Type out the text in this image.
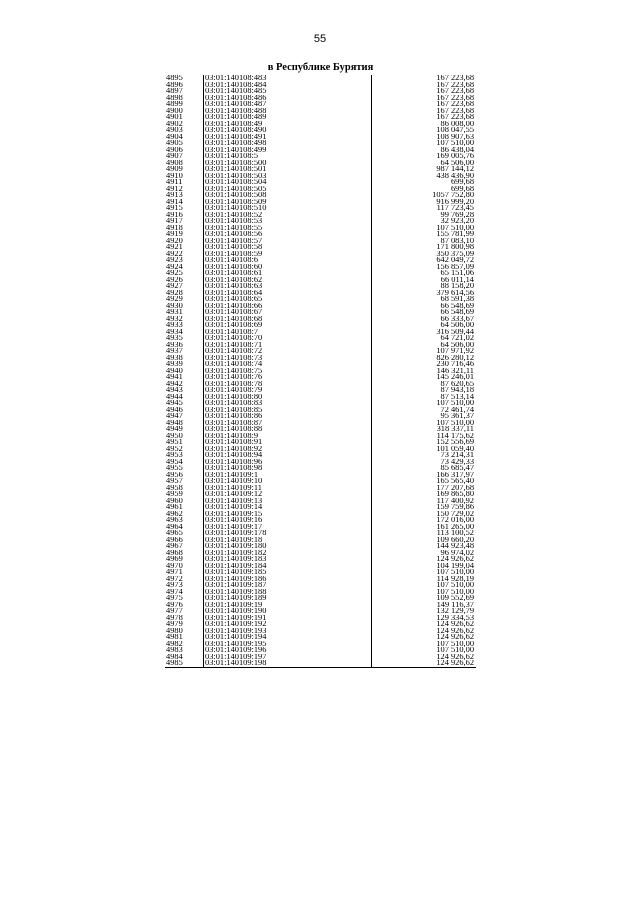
55
в Республике Бурятия
4895	03:01:140108:483	167 223,68
4896	03:01:140108:484	167 223,68
4897	03:01:140108:485	167 223,68
4898	03:01:140108:486	167 223,68
4899	03:01:140108:487	167 223,68
4900	03:01:140108:488	167 223,68
4901	03:01:140108:489	167 223,68
4902	03:01:140108:49	86 008,00
4903	03:01:140108:490	108 047,55
4904	03:01:140108:491	108 907,63
4905	03:01:140108:498	107 510,00
4906	03:01:140108:499	86 438,04
4907	03:01:140108:5	169 005,76
4908	03:01:140108:500	64 506,00
4909	03:01:140108:501	987 144,12
4910	03:01:140108:503	438 436,90
4911	03:01:140108:504	699,68
4912	03:01:140108:505	699,68
4913	03:01:140108:508	1057 752,80
4914	03:01:140108:509	916 999,20
4915	03:01:140108:510	117 723,45
4916	03:01:140108:52	99 769,28
4917	03:01:140108:53	32 923,20
4918	03:01:140108:55	107 510,00
4919	03:01:140108:56	155 781,99
4920	03:01:140108:57	87 083,10
4921	03:01:140108:58	171 800,98
4922	03:01:140108:59	350 375,09
4923	03:01:140108:6	642 049,72
4924	03:01:140108:60	156 857,09
4925	03:01:140108:61	65 151,06
4926	03:01:140108:62	66 011,14
4927	03:01:140108:63	88 158,20
4928	03:01:140108:64	379 614,56
4929	03:01:140108:65	68 591,38
4930	03:01:140108:66	66 548,69
4931	03:01:140108:67	66 548,69
4932	03:01:140108:68	66 333,67
4933	03:01:140108:69	64 506,00
4934	03:01:140108:7	316 509,44
4935	03:01:140108:70	64 721,02
4936	03:01:140108:71	64 506,00
4937	03:01:140108:72	107 971,92
4938	03:01:140108:73	826 280,12
4939	03:01:140108:74	230 716,46
4940	03:01:140108:75	146 321,11
4941	03:01:140108:76	145 246,01
4942	03:01:140108:78	87 620,65
4943	03:01:140108:79	87 943,18
4944	03:01:140108:80	87 513,14
4945	03:01:140108:83	107 510,00
4946	03:01:140108:85	72 461,74
4947	03:01:140108:86	95 361,37
4948	03:01:140108:87	107 510,00
4949	03:01:140108:88	318 337,11
4950	03:01:140108:9	114 175,62
4951	03:01:140108:91	152 556,69
4952	03:01:140108:92	101 059,40
4953	03:01:140108:94	73 214,31
4954	03:01:140108:96	73 429,33
4955	03:01:140108:98	85 685,47
4956	03:01:140109:1	166 317,97
4957	03:01:140109:10	165 565,40
4958	03:01:140109:11	177 207,68
4959	03:01:140109:12	169 865,80
4960	03:01:140109:13	117 400,92
4961	03:01:140109:14	159 759,86
4962	03:01:140109:15	150 729,02
4963	03:01:140109:16	172 016,00
4964	03:01:140109:17	161 265,00
4965	03:01:140109:178	113 100,52
4966	03:01:140109:18	109 660,20
4967	03:01:140109:180	144 923,48
4968	03:01:140109:182	96 974,02
4969	03:01:140109:183	124 926,62
4970	03:01:140109:184	104 199,04
4971	03:01:140109:185	107 510,00
4972	03:01:140109:186	114 928,19
4973	03:01:140109:187	107 510,00
4974	03:01:140109:188	107 510,00
4975	03:01:140109:189	109 552,69
4976	03:01:140109:19	149 116,37
4977	03:01:140109:190	132 129,79
4978	03:01:140109:191	129 334,53
4979	03:01:140109:192	124 926,62
4980	03:01:140109:193	124 926,62
4981	03:01:140109:194	124 926,62
4982	03:01:140109:195	107 510,00
4983	03:01:140109:196	107 510,00
4984	03:01:140109:197	124 926,62
4985	03:01:140109:198	124 926,62
